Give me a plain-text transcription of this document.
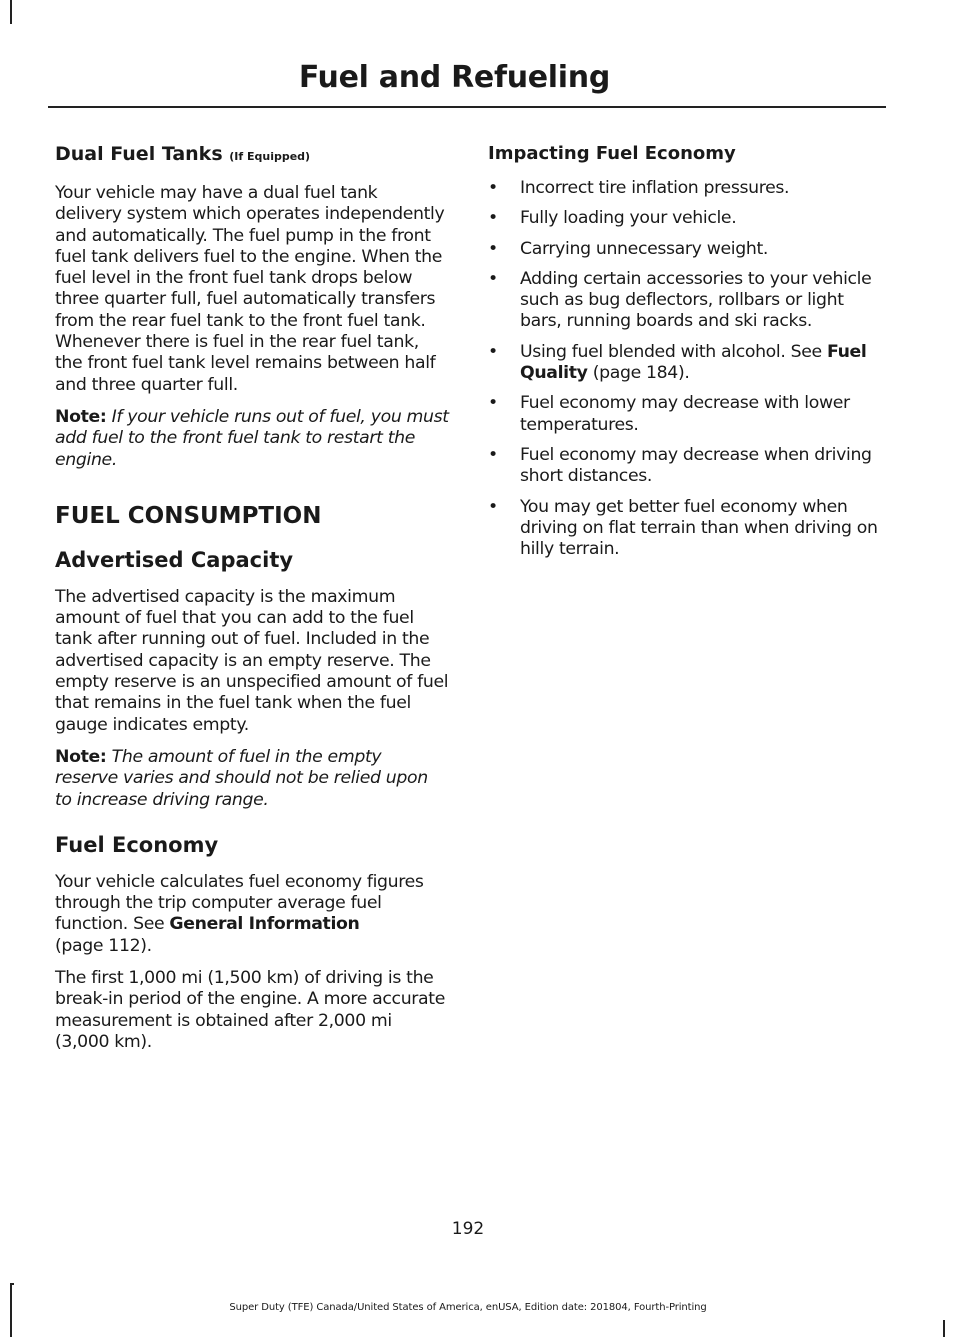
Fuel and Refueling
Dual Fuel Tanks (If Equipped)

Your vehicle may have a dual fuel tank delivery system which operates independently and automatically. The fuel pump in the front fuel tank delivers fuel to the engine. When the fuel level in the front fuel tank drops below three quarter full, fuel automatically transfers from the rear fuel tank to the front fuel tank. Whenever there is fuel in the rear fuel tank, the front fuel tank level remains between half and three quarter full.

Note: If your vehicle runs out of fuel, you must add fuel to the front fuel tank to restart the engine.

FUEL CONSUMPTION
Advertised Capacity

The advertised capacity is the maximum amount of fuel that you can add to the fuel tank after running out of fuel. Included in the advertised capacity is an empty reserve. The empty reserve is an unspecified amount of fuel that remains in the fuel tank when the fuel gauge indicates empty.

Note: The amount of fuel in the empty reserve varies and should not be relied upon to increase driving range.

Fuel Economy

Your vehicle calculates fuel economy figures through the trip computer average fuel function. See General Information
(page 112).

The first 1,000 mi (1,500 km) of driving is the break-in period of the engine. A more accurate measurement is obtained after 2,000 mi (3,000 km).

Impacting Fuel Economy
• Incorrect tire inflation pressures.
• Fully loading your vehicle.
• Carrying unnecessary weight.
• Adding certain accessories to your vehicle such as bug deflectors, rollbars or light bars, running boards and ski racks.
• Using fuel blended with alcohol. See Fuel Quality (page 184).
• Fuel economy may decrease with lower temperatures.
• Fuel economy may decrease when driving short distances.
• You may get better fuel economy when driving on flat terrain than when driving on hilly terrain.
192
Super Duty (TFE) Canada/United States of America, enUSA, Edition date: 201804, Fourth-Printing
